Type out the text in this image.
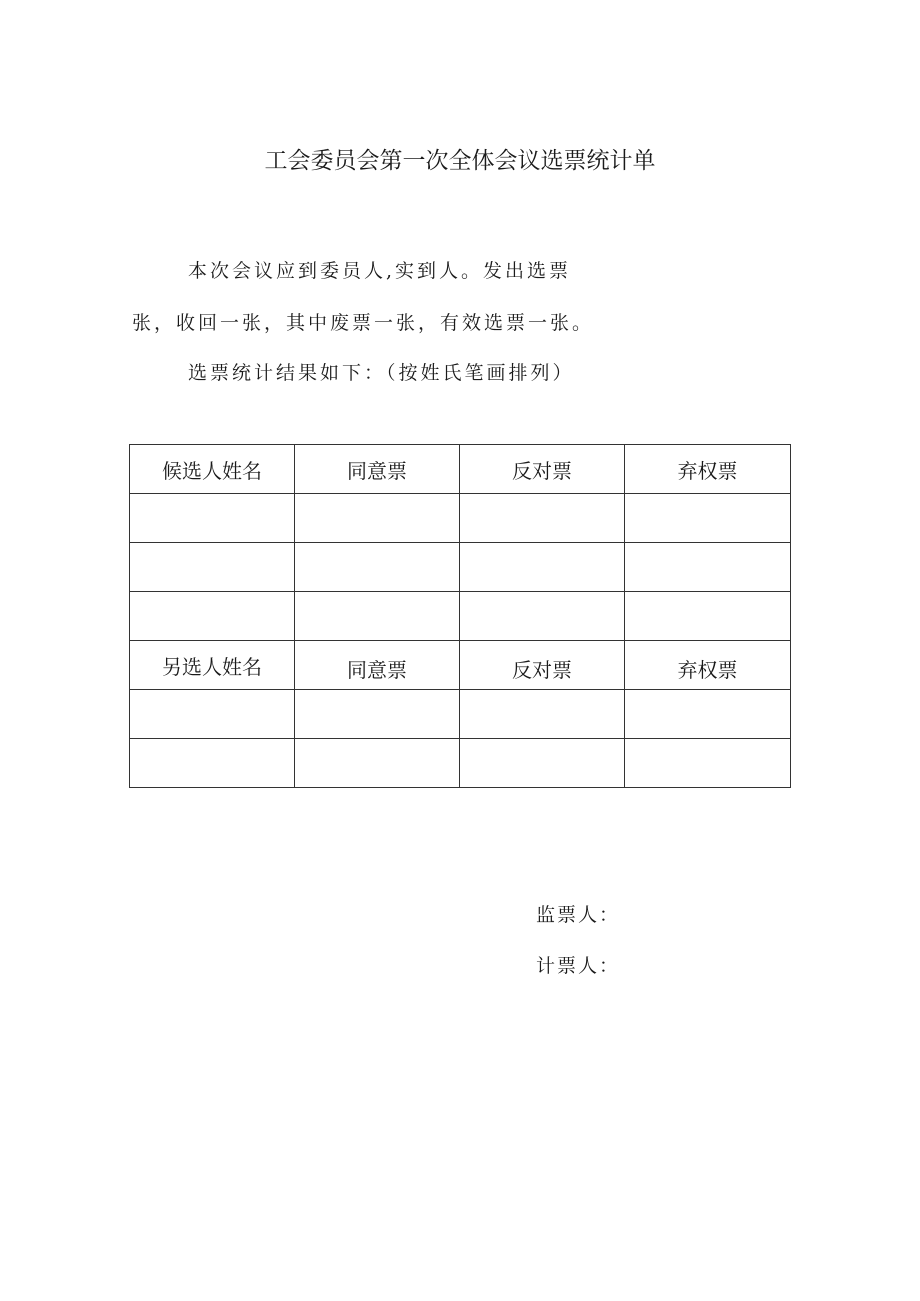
工会委员会第一次全体会议选票统计单
本次会议应到委员人,实到人。发出选票
张，收回一张，其中废票一张，有效选票一张。
选票统计结果如下：（按姓氏笔画排列）
候选人姓名	同意票	反对票	弃权票

另选人姓名	同意票	反对票	弃权票

监票人：
计票人：
